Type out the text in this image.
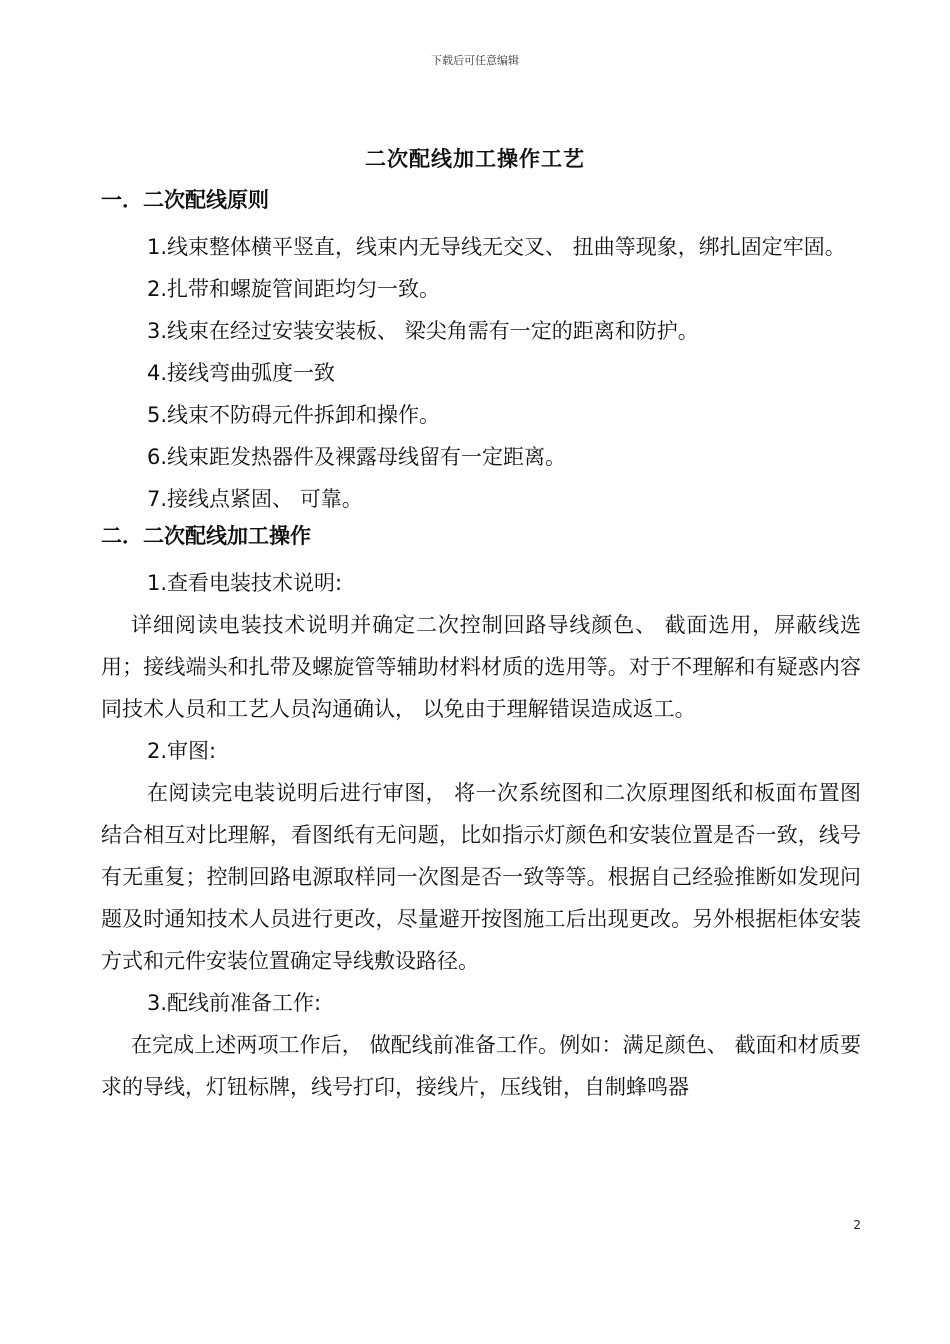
下载后可任意编辑
二次配线加工操作工艺
一．二次配线原则

1.线束整体横平竖直，线束内无导线无交叉、 扭曲等现象，绑扎固定牢固。

2.扎带和螺旋管间距均匀一致。

3.线束在经过安装安装板、 梁尖角需有一定的距离和防护。

4.接线弯曲弧度一致

5.线束不防碍元件拆卸和操作。

6.线束距发热器件及裸露母线留有一定距离。

7.接线点紧固、 可靠。

二．二次配线加工操作

1.查看电装技术说明:

详细阅读电装技术说明并确定二次控制回路导线颜色、 截面选用，屏蔽线选用；接线端头和扎带及螺旋管等辅助材料材质的选用等。对于不理解和有疑惑内容同技术人员和工艺人员沟通确认， 以免由于理解错误造成返工。

2.审图:

在阅读完电装说明后进行审图， 将一次系统图和二次原理图纸和板面布置图结合相互对比理解，看图纸有无问题，比如指示灯颜色和安装位置是否一致，线号有无重复；控制回路电源取样同一次图是否一致等等。根据自己经验推断如发现问题及时通知技术人员进行更改，尽量避开按图施工后出现更改。另外根据柜体安装方式和元件安装位置确定导线敷设路径。

3.配线前准备工作:

在完成上述两项工作后， 做配线前准备工作。例如：满足颜色、 截面和材质要求的导线，灯钮标牌，线号打印，接线片，压线钳，自制蜂鸣器

2
